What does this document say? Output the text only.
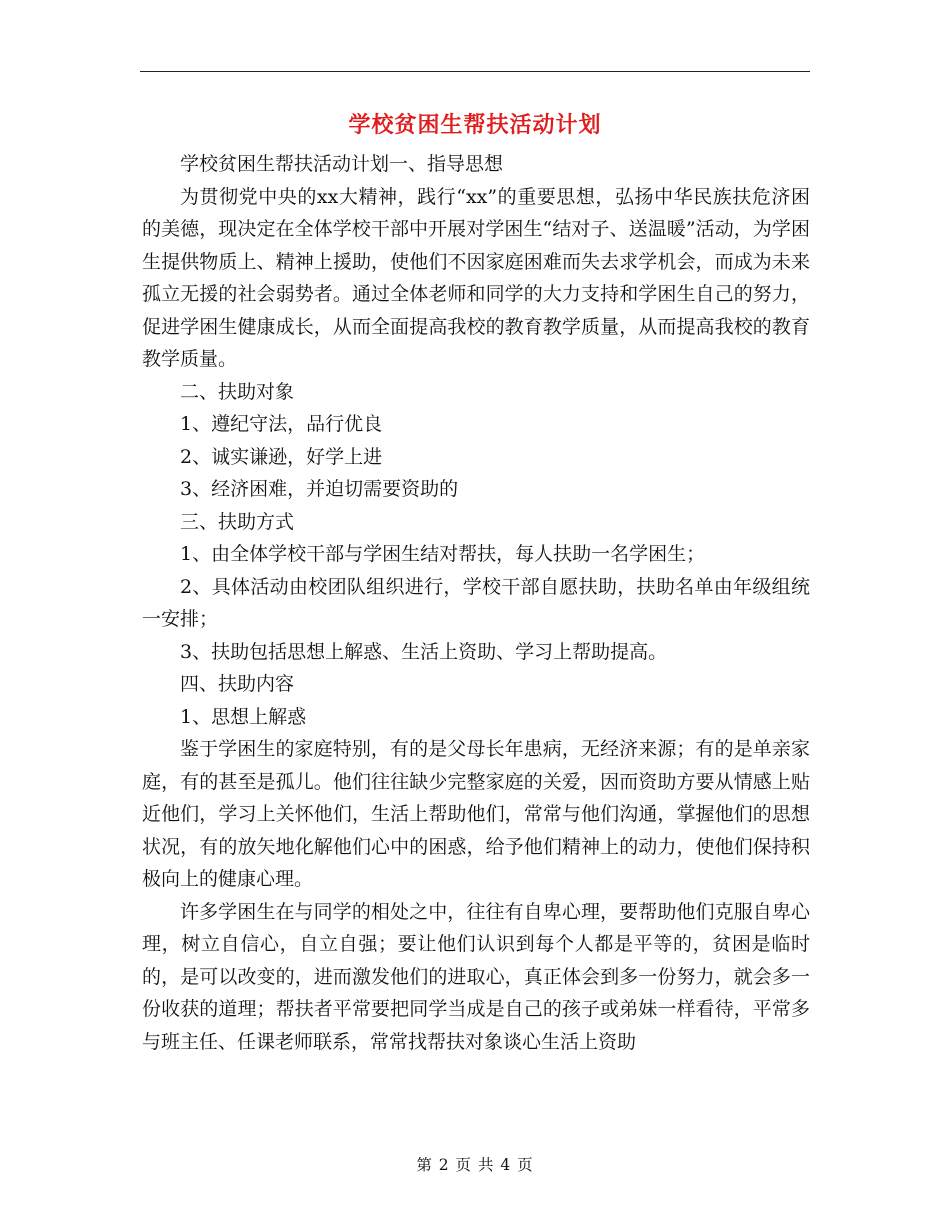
学校贫困生帮扶活动计划

学校贫困生帮扶活动计划一、指导思想

为贯彻党中央的xx大精神，践行“xx”的重要思想，弘扬中华民族扶危济困的美德，现决定在全体学校干部中开展对学困生“结对子、送温暖”活动，为学困生提供物质上、精神上援助，使他们不因家庭困难而失去求学机会，而成为未来孤立无援的社会弱势者。通过全体老师和同学的大力支持和学困生自己的努力，促进学困生健康成长，从而全面提高我校的教育教学质量，从而提高我校的教育教学质量。

二、扶助对象

1、遵纪守法，品行优良

2、诚实谦逊，好学上进

3、经济困难，并迫切需要资助的

三、扶助方式

1、由全体学校干部与学困生结对帮扶，每人扶助一名学困生；

2、具体活动由校团队组织进行，学校干部自愿扶助，扶助名单由年级组统一安排；

3、扶助包括思想上解惑、生活上资助、学习上帮助提高。

四、扶助内容

1、思想上解惑

鉴于学困生的家庭特别，有的是父母长年患病，无经济来源；有的是单亲家庭，有的甚至是孤儿。他们往往缺少完整家庭的关爱，因而资助方要从情感上贴近他们，学习上关怀他们，生活上帮助他们，常常与他们沟通，掌握他们的思想状况，有的放矢地化解他们心中的困惑，给予他们精神上的动力，使他们保持积极向上的健康心理。

许多学困生在与同学的相处之中，往往有自卑心理，要帮助他们克服自卑心理，树立自信心，自立自强；要让他们认识到每个人都是平等的，贫困是临时的，是可以改变的，进而激发他们的进取心，真正体会到多一份努力，就会多一份收获的道理；帮扶者平常要把同学当成是自己的孩子或弟妹一样看待，平常多与班主任、任课老师联系，常常找帮扶对象谈心生活上资助

第 2 页 共 4 页
